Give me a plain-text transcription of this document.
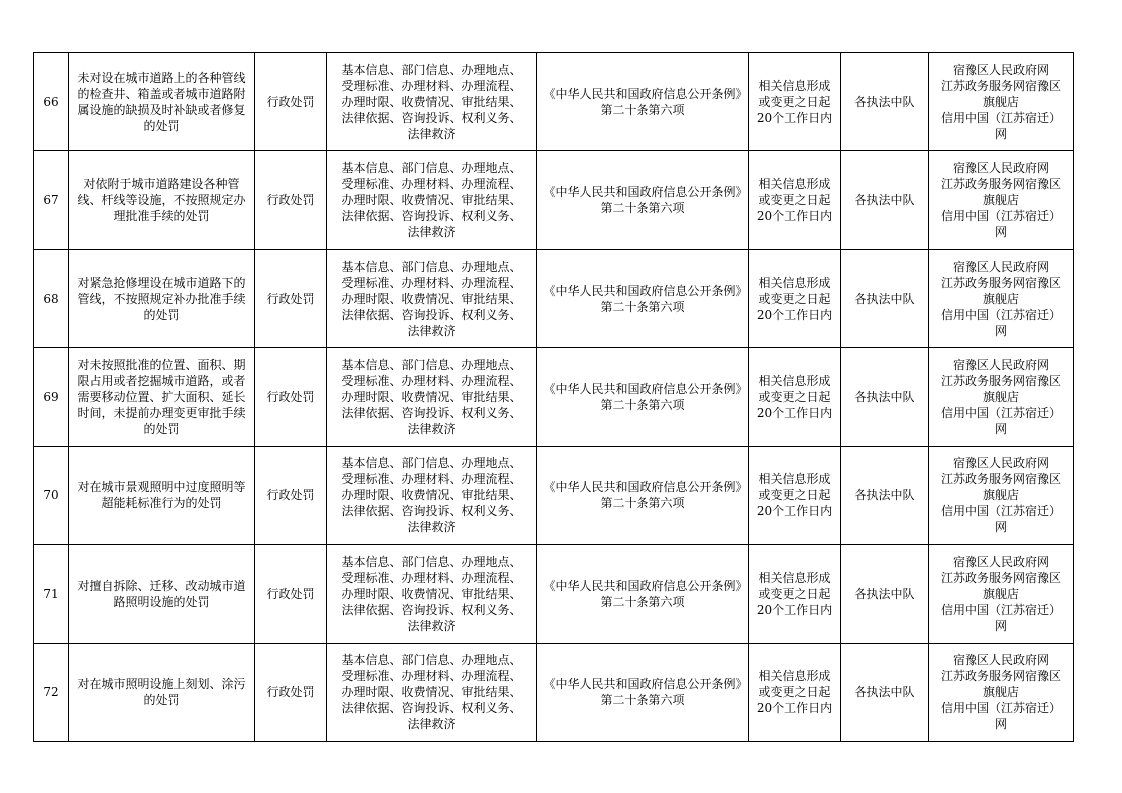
66	未对设在城市道路上的各种管线的检查井、箱盖或者城市道路附属设施的缺损及时补缺或者修复的处罚	行政处罚	基本信息、部门信息、办理地点、
受理标准、办理材料、办理流程、
办理时限、收费情况、审批结果、
法律依据、咨询投诉、权利义务、
法律救济	《中华人民共和国政府信息公开条例》第二十条第六项	相关信息形成或变更之日起20个工作日内	各执法中队	宿豫区人民政府网
江苏政务服务网宿豫区
旗舰店
信用中国（江苏宿迁）
网

67	对依附于城市道路建设各种管线、杆线等设施，不按照规定办理批准手续的处罚	行政处罚	基本信息、部门信息、办理地点、
受理标准、办理材料、办理流程、
办理时限、收费情况、审批结果、
法律依据、咨询投诉、权利义务、
法律救济	《中华人民共和国政府信息公开条例》第二十条第六项	相关信息形成或变更之日起20个工作日内	各执法中队	宿豫区人民政府网
江苏政务服务网宿豫区
旗舰店
信用中国（江苏宿迁）
网

68	对紧急抢修埋设在城市道路下的管线，不按照规定补办批准手续的处罚	行政处罚	基本信息、部门信息、办理地点、
受理标准、办理材料、办理流程、
办理时限、收费情况、审批结果、
法律依据、咨询投诉、权利义务、
法律救济	《中华人民共和国政府信息公开条例》第二十条第六项	相关信息形成或变更之日起20个工作日内	各执法中队	宿豫区人民政府网
江苏政务服务网宿豫区
旗舰店
信用中国（江苏宿迁）
网

69	对未按照批准的位置、面积、期限占用或者挖掘城市道路，或者需要移动位置、扩大面积、延长时间，未提前办理变更审批手续的处罚	行政处罚	基本信息、部门信息、办理地点、
受理标准、办理材料、办理流程、
办理时限、收费情况、审批结果、
法律依据、咨询投诉、权利义务、
法律救济	《中华人民共和国政府信息公开条例》第二十条第六项	相关信息形成或变更之日起20个工作日内	各执法中队	宿豫区人民政府网
江苏政务服务网宿豫区
旗舰店
信用中国（江苏宿迁）
网

70	对在城市景观照明中过度照明等超能耗标准行为的处罚	行政处罚	基本信息、部门信息、办理地点、
受理标准、办理材料、办理流程、
办理时限、收费情况、审批结果、
法律依据、咨询投诉、权利义务、
法律救济	《中华人民共和国政府信息公开条例》第二十条第六项	相关信息形成或变更之日起20个工作日内	各执法中队	宿豫区人民政府网
江苏政务服务网宿豫区
旗舰店
信用中国（江苏宿迁）
网

71	对擅自拆除、迁移、改动城市道路照明设施的处罚	行政处罚	基本信息、部门信息、办理地点、
受理标准、办理材料、办理流程、
办理时限、收费情况、审批结果、
法律依据、咨询投诉、权利义务、
法律救济	《中华人民共和国政府信息公开条例》第二十条第六项	相关信息形成或变更之日起20个工作日内	各执法中队	宿豫区人民政府网
江苏政务服务网宿豫区
旗舰店
信用中国（江苏宿迁）
网

72	对在城市照明设施上刻划、涂污的处罚	行政处罚	基本信息、部门信息、办理地点、
受理标准、办理材料、办理流程、
办理时限、收费情况、审批结果、
法律依据、咨询投诉、权利义务、
法律救济	《中华人民共和国政府信息公开条例》第二十条第六项	相关信息形成或变更之日起20个工作日内	各执法中队	宿豫区人民政府网
江苏政务服务网宿豫区
旗舰店
信用中国（江苏宿迁）
网
